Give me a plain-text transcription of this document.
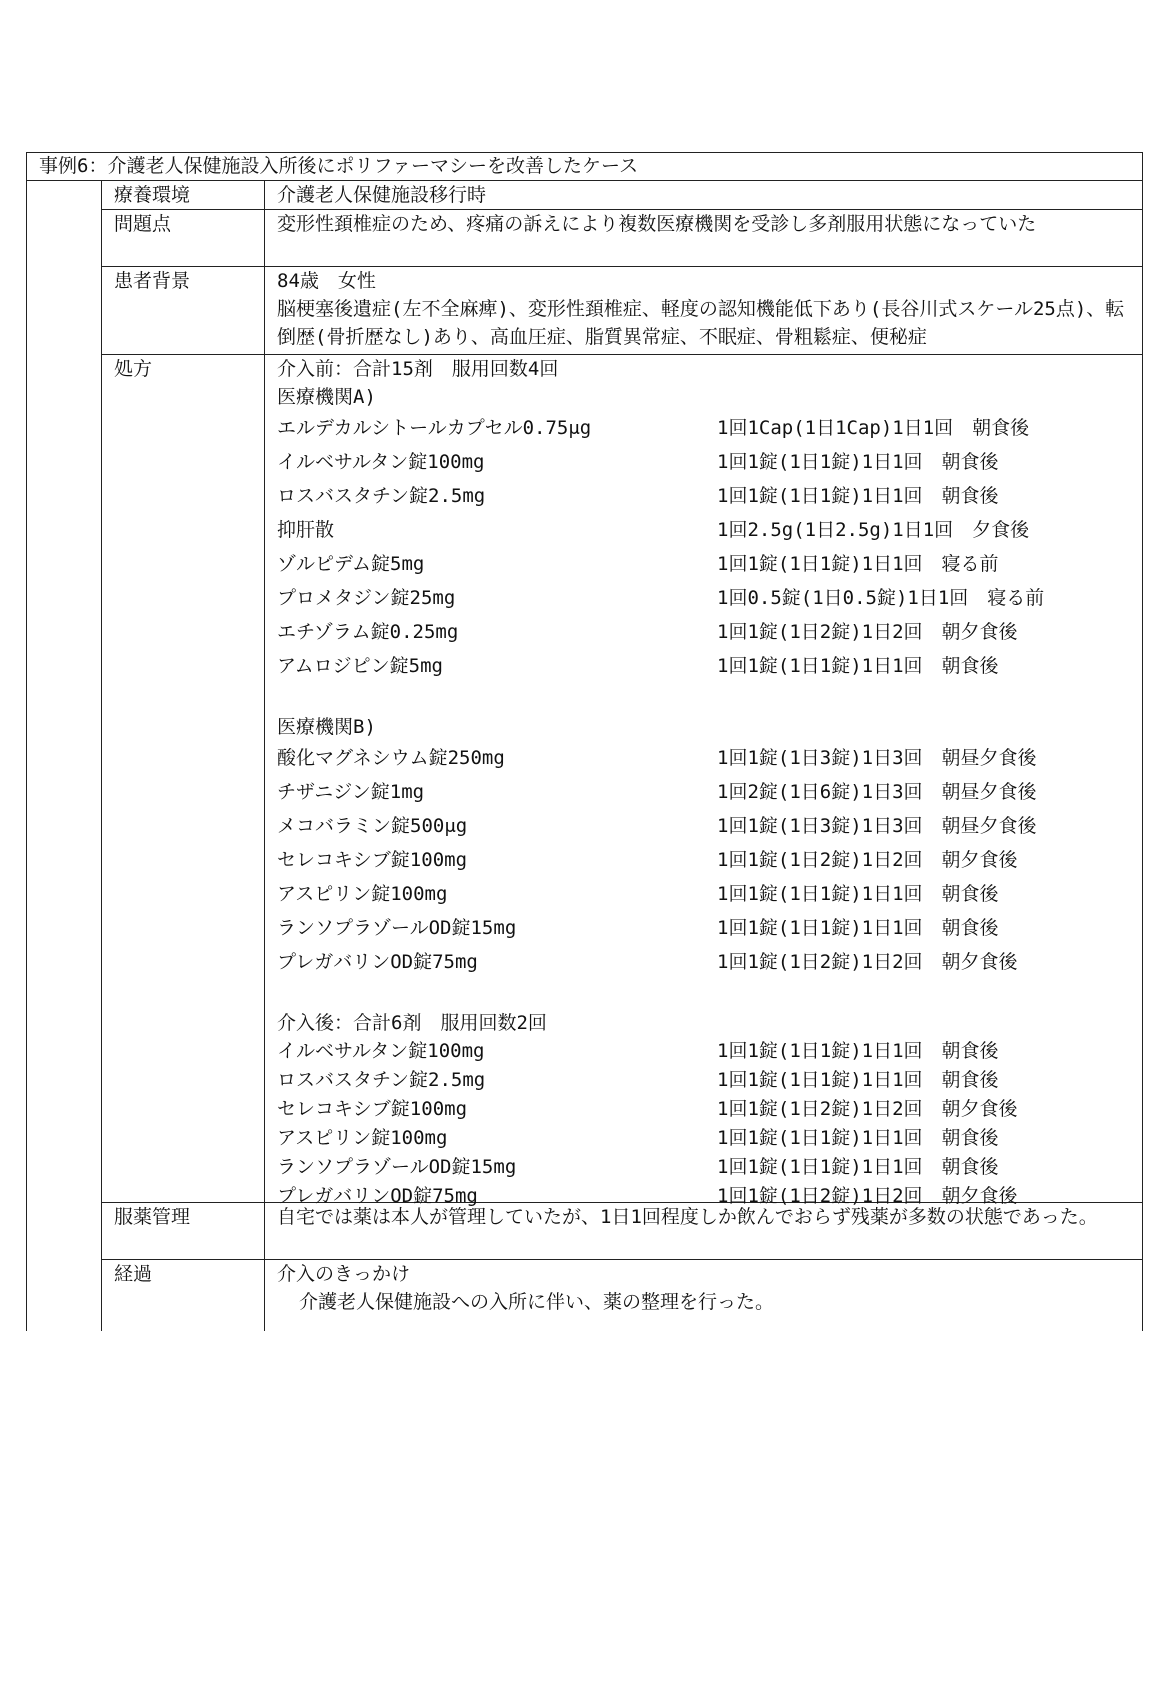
事例6：介護老人保健施設入所後にポリファーマシーを改善したケース
療養環境	介護老人保健施設移行時
問題点	変形性頚椎症のため、疼痛の訴えにより複数医療機関を受診し多剤服用状態になっていた
患者背景	84歳　女性
脳梗塞後遺症(左不全麻痺)、変形性頚椎症、軽度の認知機能低下あり(長谷川式スケール25点)、転倒歴(骨折歴なし)あり、高血圧症、脂質異常症、不眠症、骨粗鬆症、便秘症
処方	介入前：合計15剤　服用回数4回
医療機関A)
エルデカルシトールカプセル0.75μg	1回1Cap(1日1Cap)1日1回　朝食後
イルベサルタン錠100mg	1回1錠(1日1錠)1日1回　朝食後
ロスバスタチン錠2.5mg	1回1錠(1日1錠)1日1回　朝食後
抑肝散	1回2.5g(1日2.5g)1日1回　夕食後
ゾルピデム錠5mg	1回1錠(1日1錠)1日1回　寝る前
プロメタジン錠25mg	1回0.5錠(1日0.5錠)1日1回　寝る前
エチゾラム錠0.25mg	1回1錠(1日2錠)1日2回　朝夕食後
アムロジピン錠5mg	1回1錠(1日1錠)1日1回　朝食後
医療機関B)
酸化マグネシウム錠250mg	1回1錠(1日3錠)1日3回　朝昼夕食後
チザニジン錠1mg	1回2錠(1日6錠)1日3回　朝昼夕食後
メコバラミン錠500μg	1回1錠(1日3錠)1日3回　朝昼夕食後
セレコキシブ錠100mg	1回1錠(1日2錠)1日2回　朝夕食後
アスピリン錠100mg	1回1錠(1日1錠)1日1回　朝食後
ランソプラゾールOD錠15mg	1回1錠(1日1錠)1日1回　朝食後
プレガバリンOD錠75mg	1回1錠(1日2錠)1日2回　朝夕食後
介入後：合計6剤　服用回数2回
イルベサルタン錠100mg	1回1錠(1日1錠)1日1回　朝食後
ロスバスタチン錠2.5mg	1回1錠(1日1錠)1日1回　朝食後
セレコキシブ錠100mg	1回1錠(1日2錠)1日2回　朝夕食後
アスピリン錠100mg	1回1錠(1日1錠)1日1回　朝食後
ランソプラゾールOD錠15mg	1回1錠(1日1錠)1日1回　朝食後
プレガバリンOD錠75mg	1回1錠(1日2錠)1日2回　朝夕食後
服薬管理	自宅では薬は本人が管理していたが、1日1回程度しか飲んでおらず残薬が多数の状態であった。
経過	介入のきっかけ
介護老人保健施設への入所に伴い、薬の整理を行った。
